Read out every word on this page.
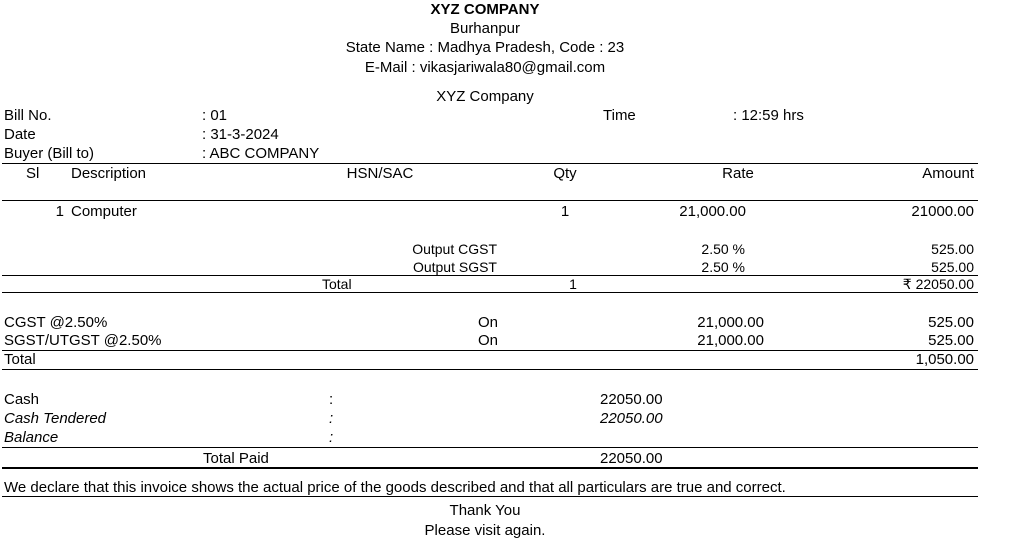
XYZ COMPANY
Burhanpur
State Name : Madhya Pradesh, Code : 23
E-Mail : vikasjariwala80@gmail.com
XYZ Company
Bill No.	: 01	Time	: 12:59 hrs
Date	: 31-3-2024
Buyer (Bill to)	: ABC COMPANY
Sl Description	HSN/SAC	Qty	Rate	Amount
1 Computer	1	21,000.00	21000.00
Output CGST	2.50 %	525.00
Output SGST	2.50 %	525.00
Total	1	₹ 22050.00
CGST @2.50%	On	21,000.00	525.00
SGST/UTGST @2.50%	On	21,000.00	525.00
Total	1,050.00
Cash	:	22050.00
Cash Tendered	:	22050.00
Balance	:
Total Paid	22050.00
We declare that this invoice shows the actual price of the goods described and that all particulars are true and correct.
Thank You
Please visit again.
